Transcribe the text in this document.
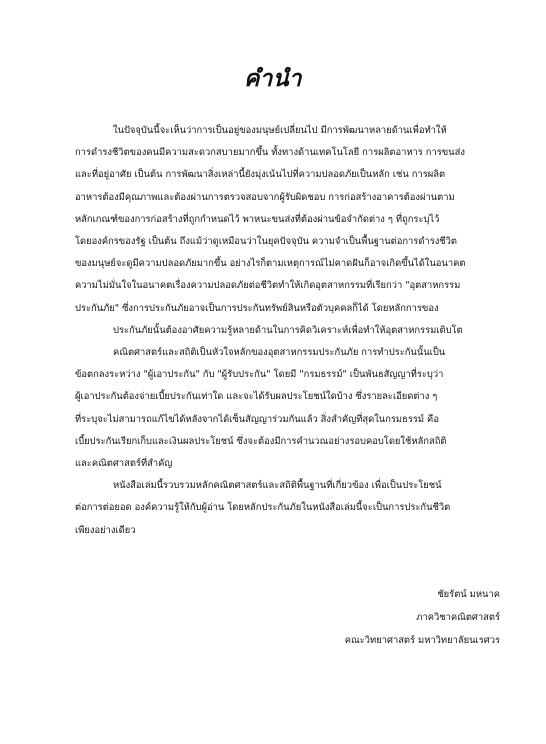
คำนำ

ในปัจจุบันนี้จะเห็นว่าการเป็นอยู่ของมนุษย์เปลี่ยนไป มีการพัฒนาหลายด้านเพื่อทำให้
การดำรงชีวิตของคนมีความสะดวกสบายมากขึ้น ทั้งทางด้านเทคโนโลยี การผลิตอาหาร การขนส่ง
และที่อยู่อาศัย เป็นต้น การพัฒนาสิ่งเหล่านี้ยังมุ่งเน้นไปที่ความปลอดภัยเป็นหลัก เช่น การผลิต
อาหารต้องมีคุณภาพและต้องผ่านการตรวจสอบจากผู้รับผิดชอบ การก่อสร้างอาคารต้องผ่านตาม
หลักเกณฑ์ของการก่อสร้างที่ถูกกำหนดไว้ พาหนะขนส่งที่ต้องผ่านข้อจำกัดต่าง ๆ ที่ถูกระบุไว้
โดยองค์กรของรัฐ เป็นต้น ถึงแม้ว่าดูเหมือนว่าในยุคปัจจุบัน ความจำเป็นพื้นฐานต่อการดำรงชีวิต
ของมนุษย์จะดูมีความปลอดภัยมากขึ้น อย่างไรก็ตามเหตุการณ์ไม่คาดฝันก็อาจเกิดขึ้นได้ในอนาคต
ความไม่มั่นใจในอนาคตเรื่องความปลอดภัยต่อชีวิตทำให้เกิดอุตสาหกรรมที่เรียกว่า "อุตสาหกรรม
ประกันภัย" ซึ่งการประกันภัยอาจเป็นการประกันทรัพย์สินหรือตัวบุคคลก็ได้ โดยหลักการของ
ประกันภัยนั้นต้องอาศัยความรู้หลายด้านในการคิดวิเคราะห์เพื่อทำให้อุตสาหกรรมเติบโต

คณิตศาสตร์และสถิติเป็นหัวใจหลักของอุตสาหกรรมประกันภัย การทำประกันนั้นเป็น
ข้อตกลงระหว่าง "ผู้เอาประกัน" กับ "ผู้รับประกัน" โดยมี "กรมธรรม์" เป็นพันธสัญญาที่ระบุว่า
ผู้เอาประกันต้องจ่ายเบี้ยประกันเท่าใด และจะได้รับผลประโยชน์ใดบ้าง ซึ่งรายละเอียดต่าง ๆ
ที่ระบุจะไม่สามารถแก้ไขได้หลังจากได้เซ็นสัญญาร่วมกันแล้ว สิ่งสำคัญที่สุดในกรมธรรม์ คือ
เบี้ยประกันเรียกเก็บและเงินผลประโยชน์ ซึ่งจะต้องมีการคำนวณอย่างรอบคอบโดยใช้หลักสถิติ
และคณิตศาสตร์ที่สำคัญ

หนังสือเล่มนี้รวบรวมหลักคณิตศาสตร์และสถิติพื้นฐานที่เกี่ยวข้อง เพื่อเป็นประโยชน์
ต่อการต่อยอด องค์ความรู้ให้กับผู้อ่าน โดยหลักประกันภัยในหนังสือเล่มนี้จะเป็นการประกันชีวิต
เพียงอย่างเดียว

ชัยรัตน์ มหนาค
ภาควิชาคณิตศาสตร์
คณะวิทยาศาสตร์ มหาวิทยาลัยนเรศวร
